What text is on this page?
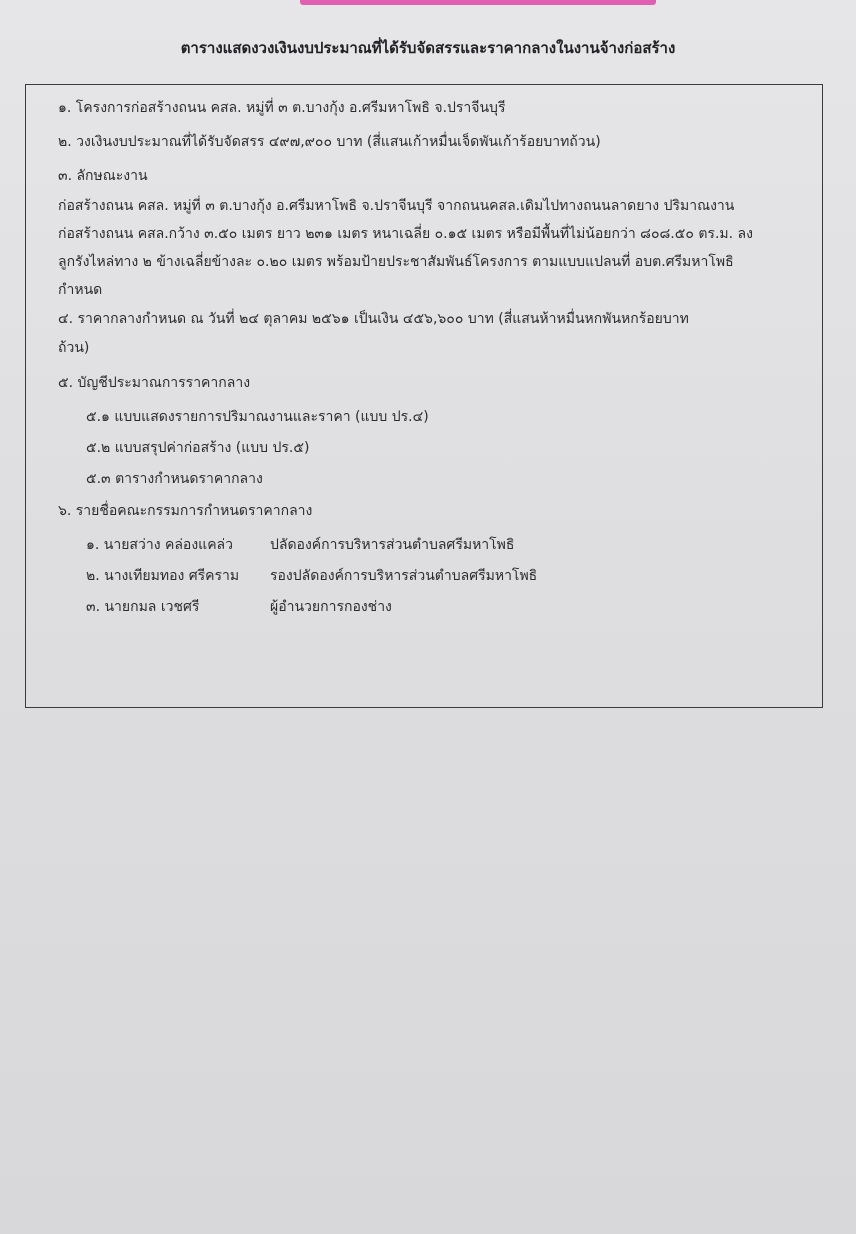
ตารางแสดงวงเงินงบประมาณที่ได้รับจัดสรรและราคากลางในงานจ้างก่อสร้าง
๑. โครงการก่อสร้างถนน คสล. หมู่ที่ ๓ ต.บางกุ้ง อ.ศรีมหาโพธิ จ.ปราจีนบุรี
๒. วงเงินงบประมาณที่ได้รับจัดสรร ๔๙๗,๙๐๐ บาท (สี่แสนเก้าหมื่นเจ็ดพันเก้าร้อยบาทถ้วน)
๓. ลักษณะงาน
ก่อสร้างถนน คสล. หมู่ที่ ๓ ต.บางกุ้ง อ.ศรีมหาโพธิ จ.ปราจีนบุรี จากถนนคสล.เดิมไปทางถนนลาดยาง ปริมาณงาน
ก่อสร้างถนน คสล.กว้าง ๓.๕๐ เมตร ยาว ๒๓๑ เมตร หนาเฉลี่ย ๐.๑๕ เมตร หรือมีพื้นที่ไม่น้อยกว่า ๘๐๘.๕๐ ตร.ม. ลง
ลูกรังไหล่ทาง ๒ ข้างเฉลี่ยข้างละ ๐.๒๐ เมตร พร้อมป้ายประชาสัมพันธ์โครงการ ตามแบบแปลนที่ อบต.ศรีมหาโพธิ
กำหนด
๔. ราคากลางกำหนด ณ วันที่ ๒๔ ตุลาคม ๒๕๖๑ เป็นเงิน ๔๕๖,๖๐๐ บาท (สี่แสนห้าหมื่นหกพันหกร้อยบาท
ถ้วน)
๕. บัญชีประมาณการราคากลาง
๕.๑ แบบแสดงรายการปริมาณงานและราคา (แบบ ปร.๔)
๕.๒ แบบสรุปค่าก่อสร้าง (แบบ ปร.๕)
๕.๓ ตารางกำหนดราคากลาง
๖. รายชื่อคณะกรรมการกำหนดราคากลาง
๑. นายสว่าง คล่องแคล่ว	ปลัดองค์การบริหารส่วนตำบลศรีมหาโพธิ
๒. นางเทียมทอง ศรีคราม รองปลัดองค์การบริหารส่วนตำบลศรีมหาโพธิ
๓. นายกมล เวชศรี	ผู้อำนวยการกองช่าง
